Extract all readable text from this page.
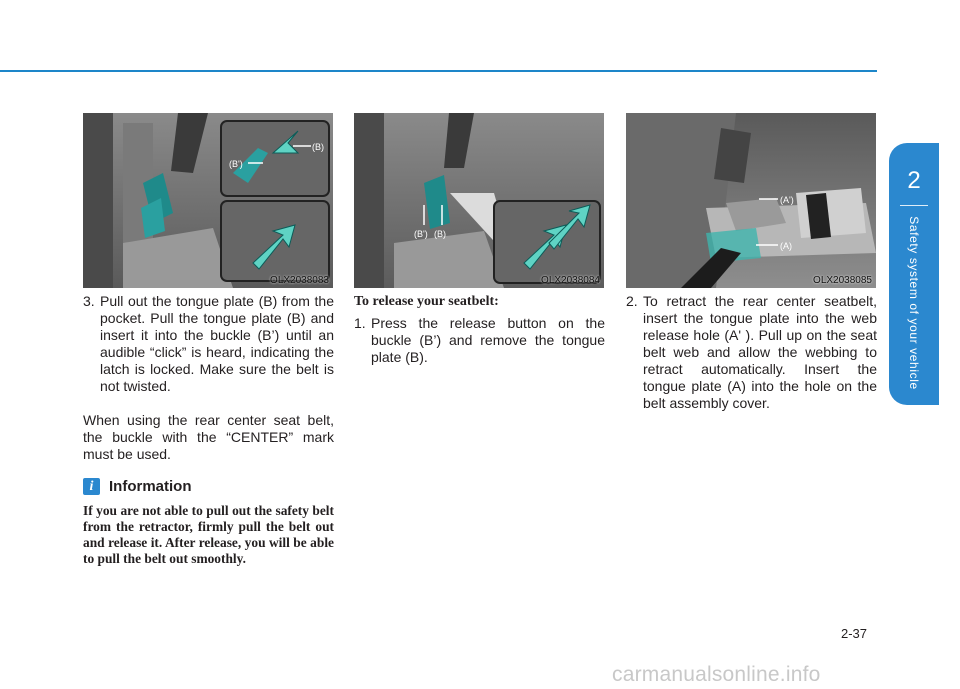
2
Safety system of your vehicle
(B')
(B)
OLX2038083
(B') (B)
OLX2038084
(A')
(A)
OLX2038085
3. Pull out the tongue plate (B) from the pocket. Pull the tongue plate (B) and insert it into the buckle (B’) until an audible “click” is heard, indicating the latch is locked. Make sure the belt is not twisted.
When using the rear center seat belt, the buckle with the “CENTER” mark must be used.
i	Information
If you are not able to pull out the safety belt from the retractor, firmly pull the belt out and release it. After release, you will be able to pull the belt out smoothly.
To release your seatbelt:
1. Press the release button on the buckle (B’) and remove the tongue plate (B).
2. To retract the rear center seatbelt, insert the tongue plate into the web release hole (A' ). Pull up on the seat belt web and allow the webbing to retract automatically. Insert the tongue plate (A) into the hole on the belt assembly cover.
2-37
carmanualsonline.info
